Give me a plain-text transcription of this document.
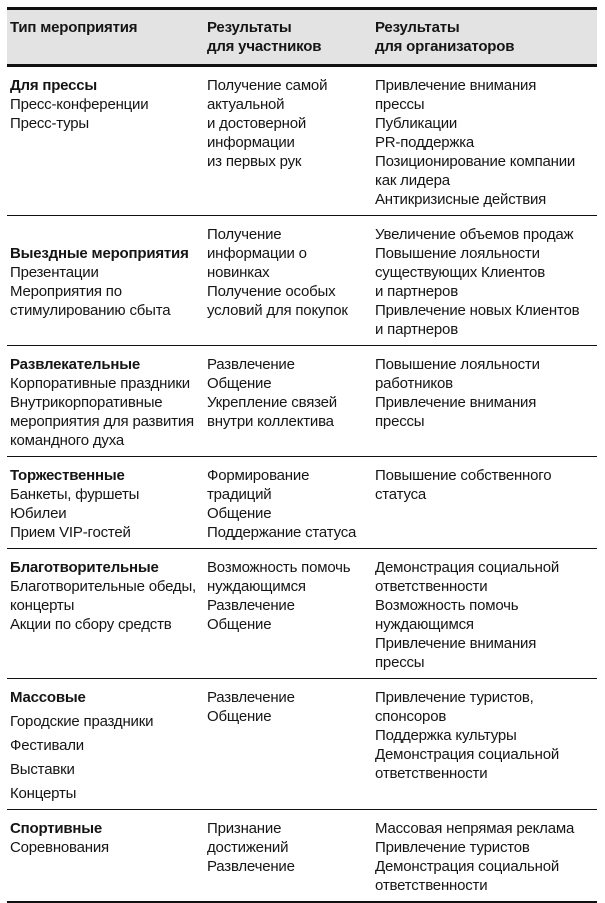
Тип мероприятия	Результаты
для участников
Результаты
для организаторов
Для прессы
Пресс-конференции
Пресс-туры
Получение самой
актуальной
и достоверной
информации
из первых рук
Привлечение внимания
прессы
Публикации
PR-поддержка
Позиционирование компании
как лидера
Антикризисные действия

Выездные мероприятия
Презентации
Мероприятия по
стимулированию сбыта
Получение
информации о
новинках
Получение особых
условий для покупок
Увеличение объемов продаж
Повышение лояльности
существующих Клиентов
и партнеров
Привлечение новых Клиентов
и партнеров
Развлекательные
Корпоративные праздники
Внутрикорпоративные
мероприятия для развития
командного духа
Развлечение
Общение
Укрепление связей
внутри коллектива
Повышение лояльности
работников
Привлечение внимания
прессы
Торжественные
Банкеты, фуршеты
Юбилеи
Прием VIP-гостей
Формирование
традиций
Общение
Поддержание статуса
Повышение собственного
статуса
Благотворительные
Благотворительные обеды,
концерты
Акции по сбору средств
Возможность помочь
нуждающимся
Развлечение
Общение
Демонстрация социальной
ответственности
Возможность помочь
нуждающимся
Привлечение внимания
прессы
Массовые
Городские праздники
Фестивали
Выставки
Концерты
Развлечение
Общение
Привлечение туристов,
спонсоров
Поддержка культуры
Демонстрация социальной
ответственности
Спортивные
Соревнования
Признание
достижений
Развлечение
Массовая непрямая реклама
Привлечение туристов
Демонстрация социальной
ответственности
